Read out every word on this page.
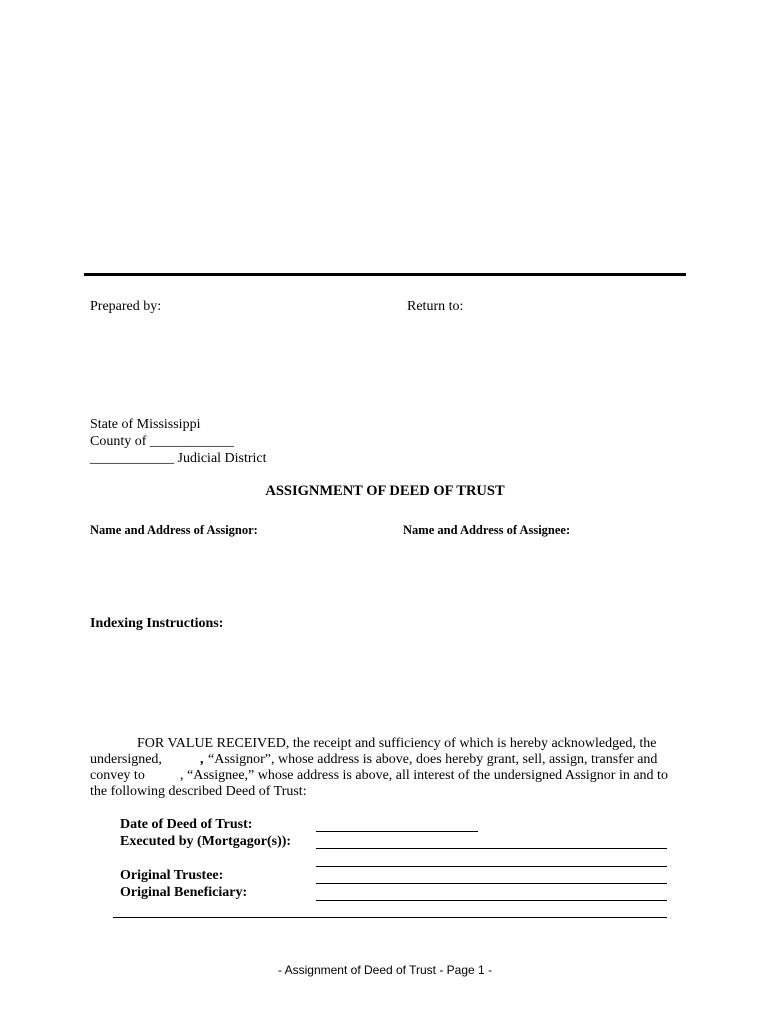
Prepared by:	Return to:
State of Mississippi
County of ____________
____________ Judicial District
ASSIGNMENT OF DEED OF TRUST
Name and Address of Assignor:	Name and Address of Assignee:
Indexing Instructions:
FOR VALUE RECEIVED, the receipt and sufficiency of which is hereby acknowledged, the
undersigned,	, “Assignor”, whose address is above, does hereby grant, sell, assign, transfer and
convey to	, “Assignee,” whose address is above, all interest of the undersigned Assignor in and to
the following described Deed of Trust:
Date of Deed of Trust:
Executed by (Mortgagor(s)):
Original Trustee:
Original Beneficiary:
- Assignment of Deed of Trust - Page 1 -
